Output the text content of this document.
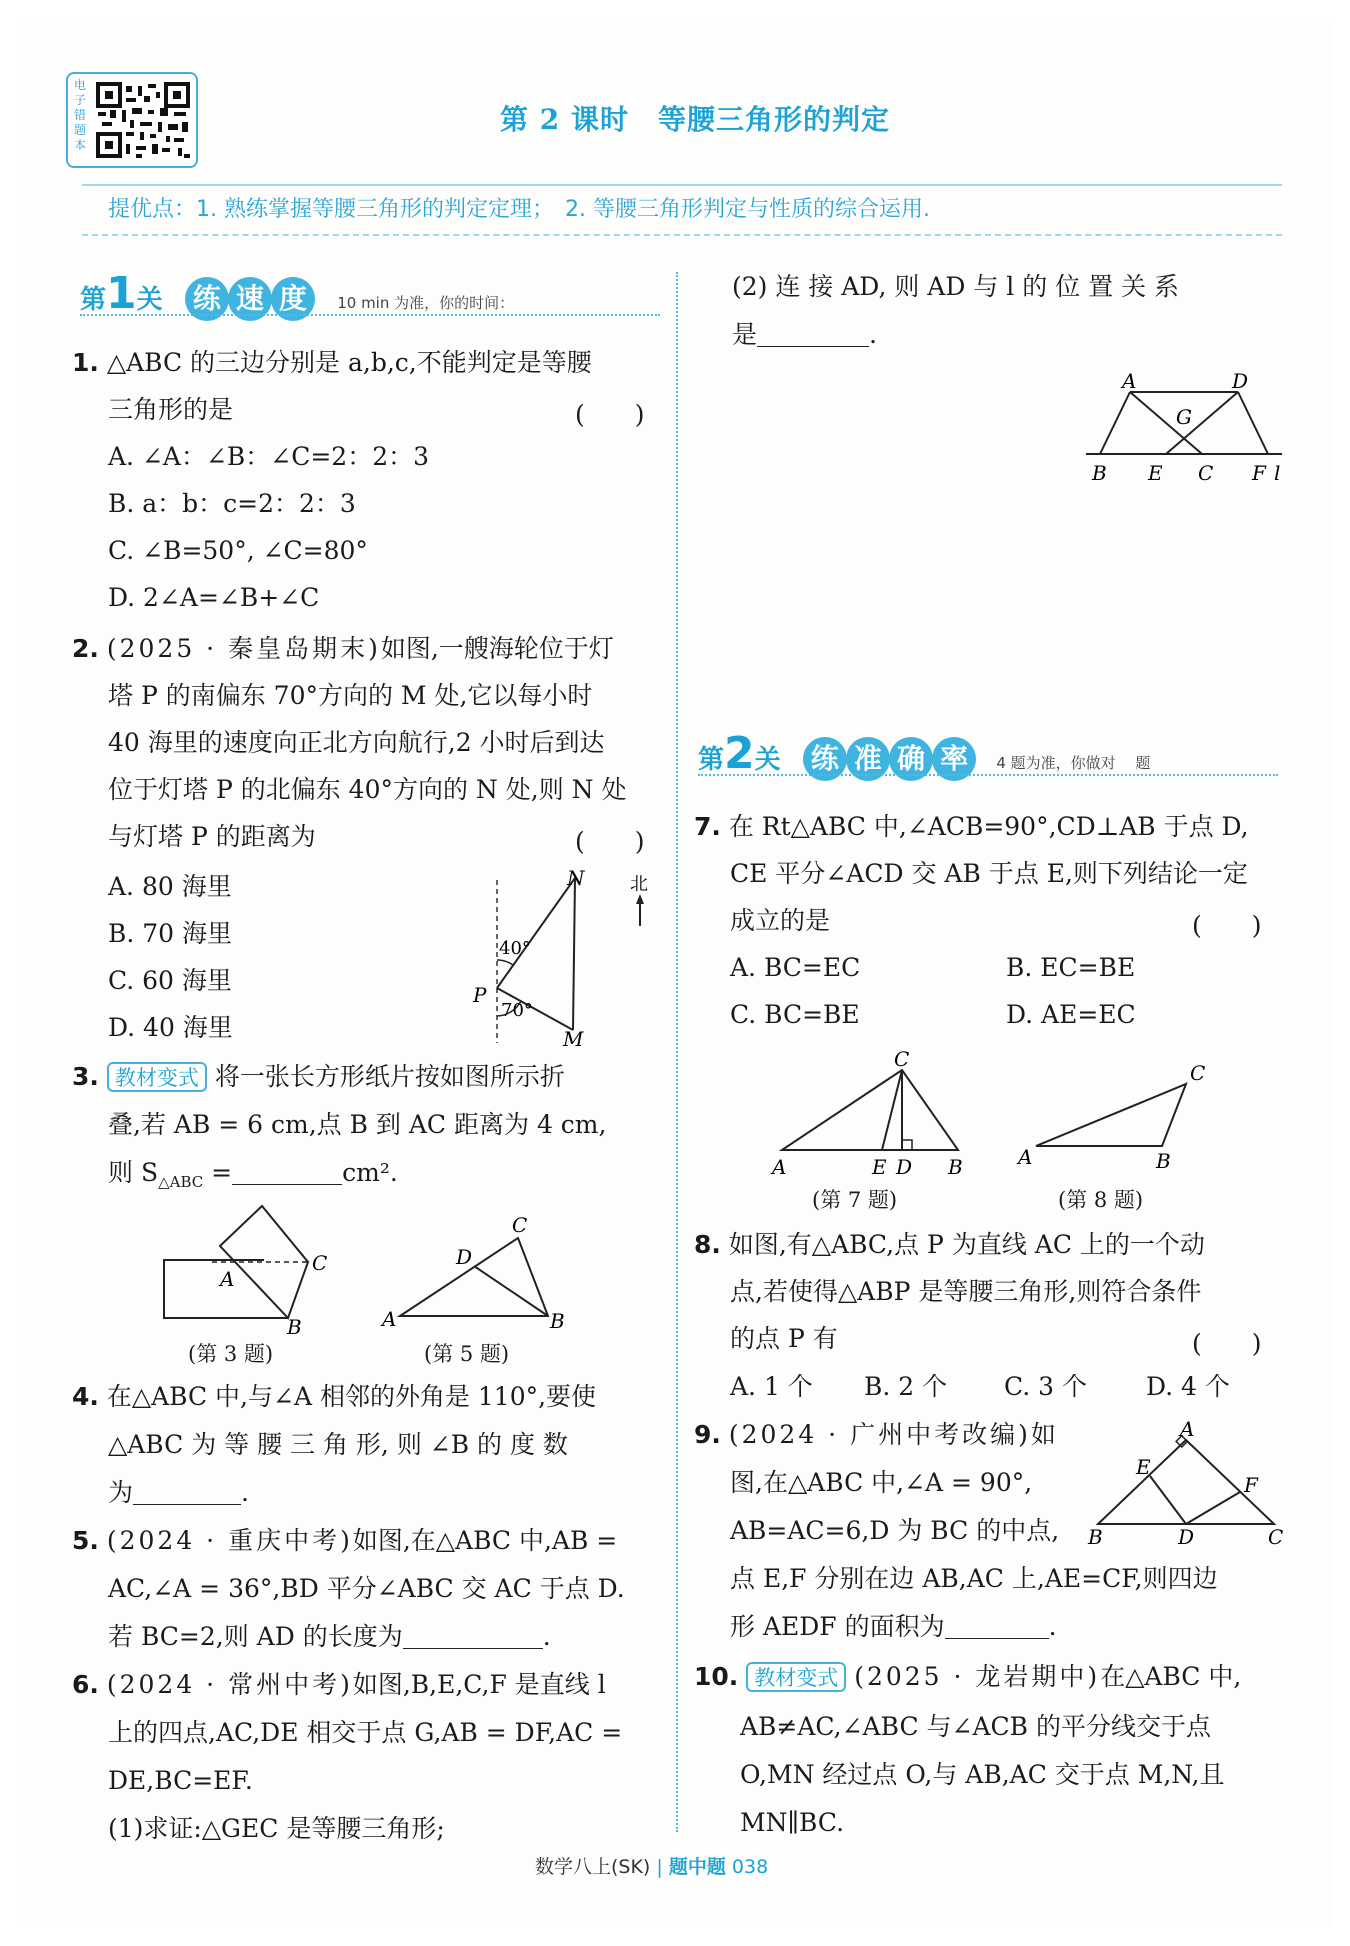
电子错题本
第 2 课时　等腰三角形的判定
提优点：1. 熟练掌握等腰三角形的判定定理；　2. 等腰三角形判定与性质的综合运用.
第1关 练 速 度 10 min 为准，你的时间：
1. △ABC 的三边分别是 a,b,c,不能判定是等腰
三角形的是	(　　)
A. ∠A：∠B：∠C=2：2：3
B. a：b：c=2：2：3
C. ∠B=50°, ∠C=80°
D. 2∠A=∠B+∠C
2. (2025 · 秦皇岛期末)如图,一艘海轮位于灯
塔 P 的南偏东 70°方向的 M 处,它以每小时
40 海里的速度向正北方向航行,2 小时后到达
位于灯塔 P 的北偏东 40°方向的 N 处,则 N 处
与灯塔 P 的距离为	(　　)
A. 80 海里
B. 70 海里
C. 60 海里
D. 40 海里
N	北
40°
70°
P
M
3. 教材变式 将一张长方形纸片按如图所示折
叠,若 AB = 6 cm,点 B 到 AC 距离为 4 cm,
则 $S_{\triangle ABC}$ =	cm².
A
C
B
(第 3 题)
C
D
A	B
(第 5 题)
4. 在△ABC 中,与∠A 相邻的外角是 110°,要使
△ABC 为 等 腰 三 角 形, 则 ∠B 的 度 数
为	.
5. (2024 · 重庆中考)如图,在△ABC 中,AB =
AC,∠A = 36°,BD 平分∠ABC 交 AC 于点 D.
若 BC=2,则 AD 的长度为	.
6. (2024 · 常州中考)如图,B,E,C,F 是直线 l
上的四点,AC,DE 相交于点 G,AB = DF,AC =
DE,BC=EF.
(1)求证:△GEC 是等腰三角形;
(2) 连 接 AD, 则 AD 与 l 的 位 置 关 系
是	.
A	D
G
B E C F l
第2关 练 准 确 率 4 题为准，你做对　 题
7. 在 Rt△ABC 中,∠ACB=90°,CD⊥AB 于点 D,
CE 平分∠ACD 交 AB 于点 E,则下列结论一定
成立的是	(　　)
A. BC=EC	B. EC=BE
C. BC=BE	D. AE=EC
C
A	E D B
(第 7 题)
C
A	B
(第 8 题)
8. 如图,有△ABC,点 P 为直线 AC 上的一个动
点,若使得△ABP 是等腰三角形,则符合条件
的点 P 有	(　　)
A. 1 个 B. 2 个 C. 3 个 D. 4 个
9. (2024 · 广州中考改编)如
图,在△ABC 中,∠A = 90°,
AB=AC=6,D 为 BC 的中点,
点 E,F 分别在边 AB,AC 上,AE=CF,则四边
形 AEDF 的面积为	.
A
E
F
B	D	C
10. 教材变式 (2025 · 龙岩期中)在△ABC 中,
AB≠AC,∠ABC 与∠ACB 的平分线交于点
O,MN 经过点 O,与 AB,AC 交于点 M,N,且
MN∥BC.
数学八上(SK) | 题中题 038
